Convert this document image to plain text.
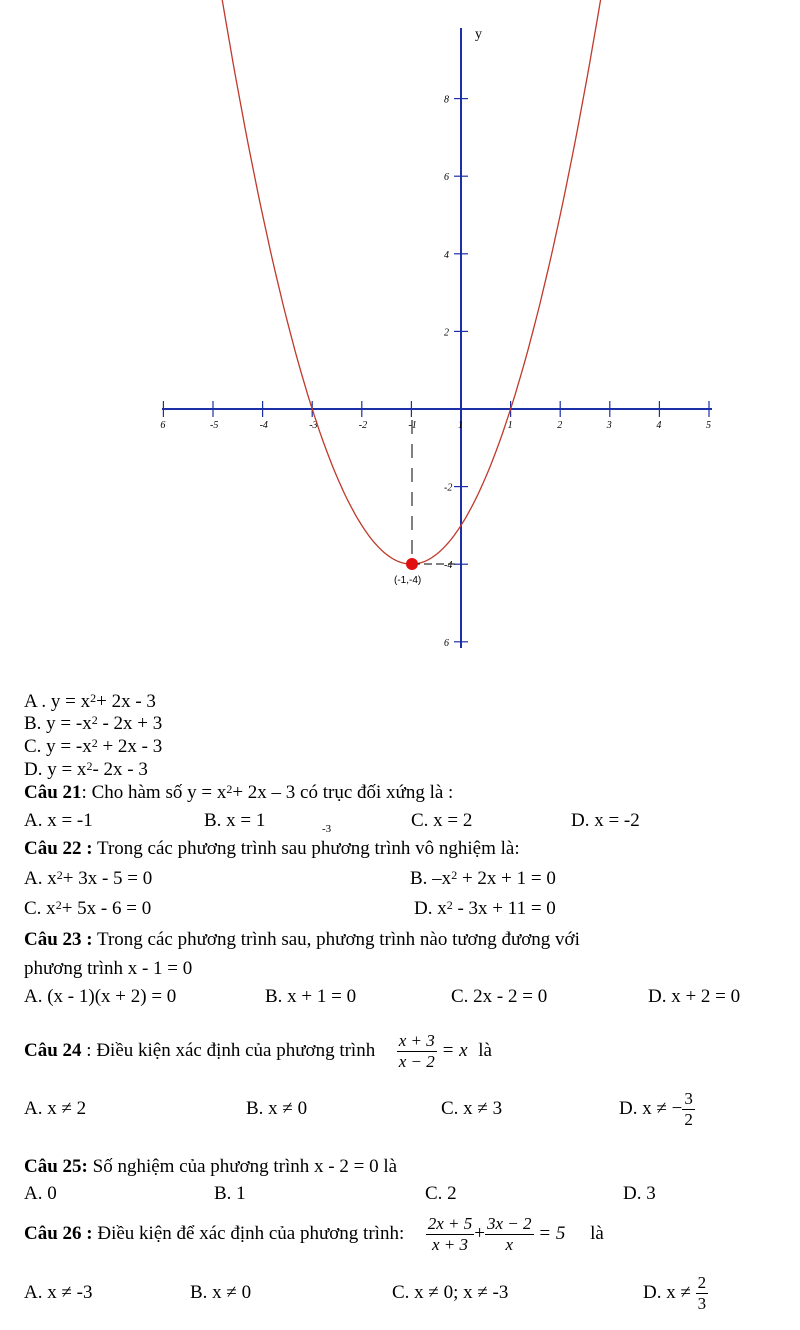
6	-5	-4	-3	-2	-1	1	1	2	3	4	5
8
6
4
2
-2
-4
6
y
(-1,-4)
A . $y = x^2+ 2x - 3$
B. $y = -x^2 - 2x + 3$
C. $y = -x^2 + 2x - 3$
D. $y = x^2-$ 2x - 3
Câu 21: Cho hàm số $y = x^2+ 2x - 3$ có trục đối xứng là :
A. x = -1	B. x = 1	-3	C. x = 2	D. x = -2
Câu 22 : Trong các phương trình sau phương trình vô nghiệm là:
A. $x^2+ 3x - 5 = 0$	B. $-x^2 + 2x + 1 = 0$
C. $x^2+ 5x - 6 = 0$	D. $x^2 - 3x + 11 = 0$
Câu 23 : Trong các phương trình sau, phương trình nào tương đương với
phương trình x - 1 = 0
A. (x - 1)(x + 2) = 0	B. x + 1 = 0	C. 2x - 2 = 0	D. x + 2 = 0
Câu 24 : Điều kiện xác định của phương trình $\frac{x + 3}{x - 2} = x$ là
A. x ≠ 2	B. x ≠ 0	C. x ≠ 3	D. x ≠ − $\frac{3}{2}$
Câu 25: Số nghiệm của phương trình x - 2 = 0 là
A. 0	B. 1	C. 2	D. 3
Câu 26 : Điều kiện để xác định của phương trình: $\frac{2x + 5}{x + 3} + \frac{3x - 2}{x} = 5$ là
A. x ≠ -3	B. x ≠ 0	C. x ≠ 0; x ≠ -3	D. $x \ne \frac{2}{3}$
